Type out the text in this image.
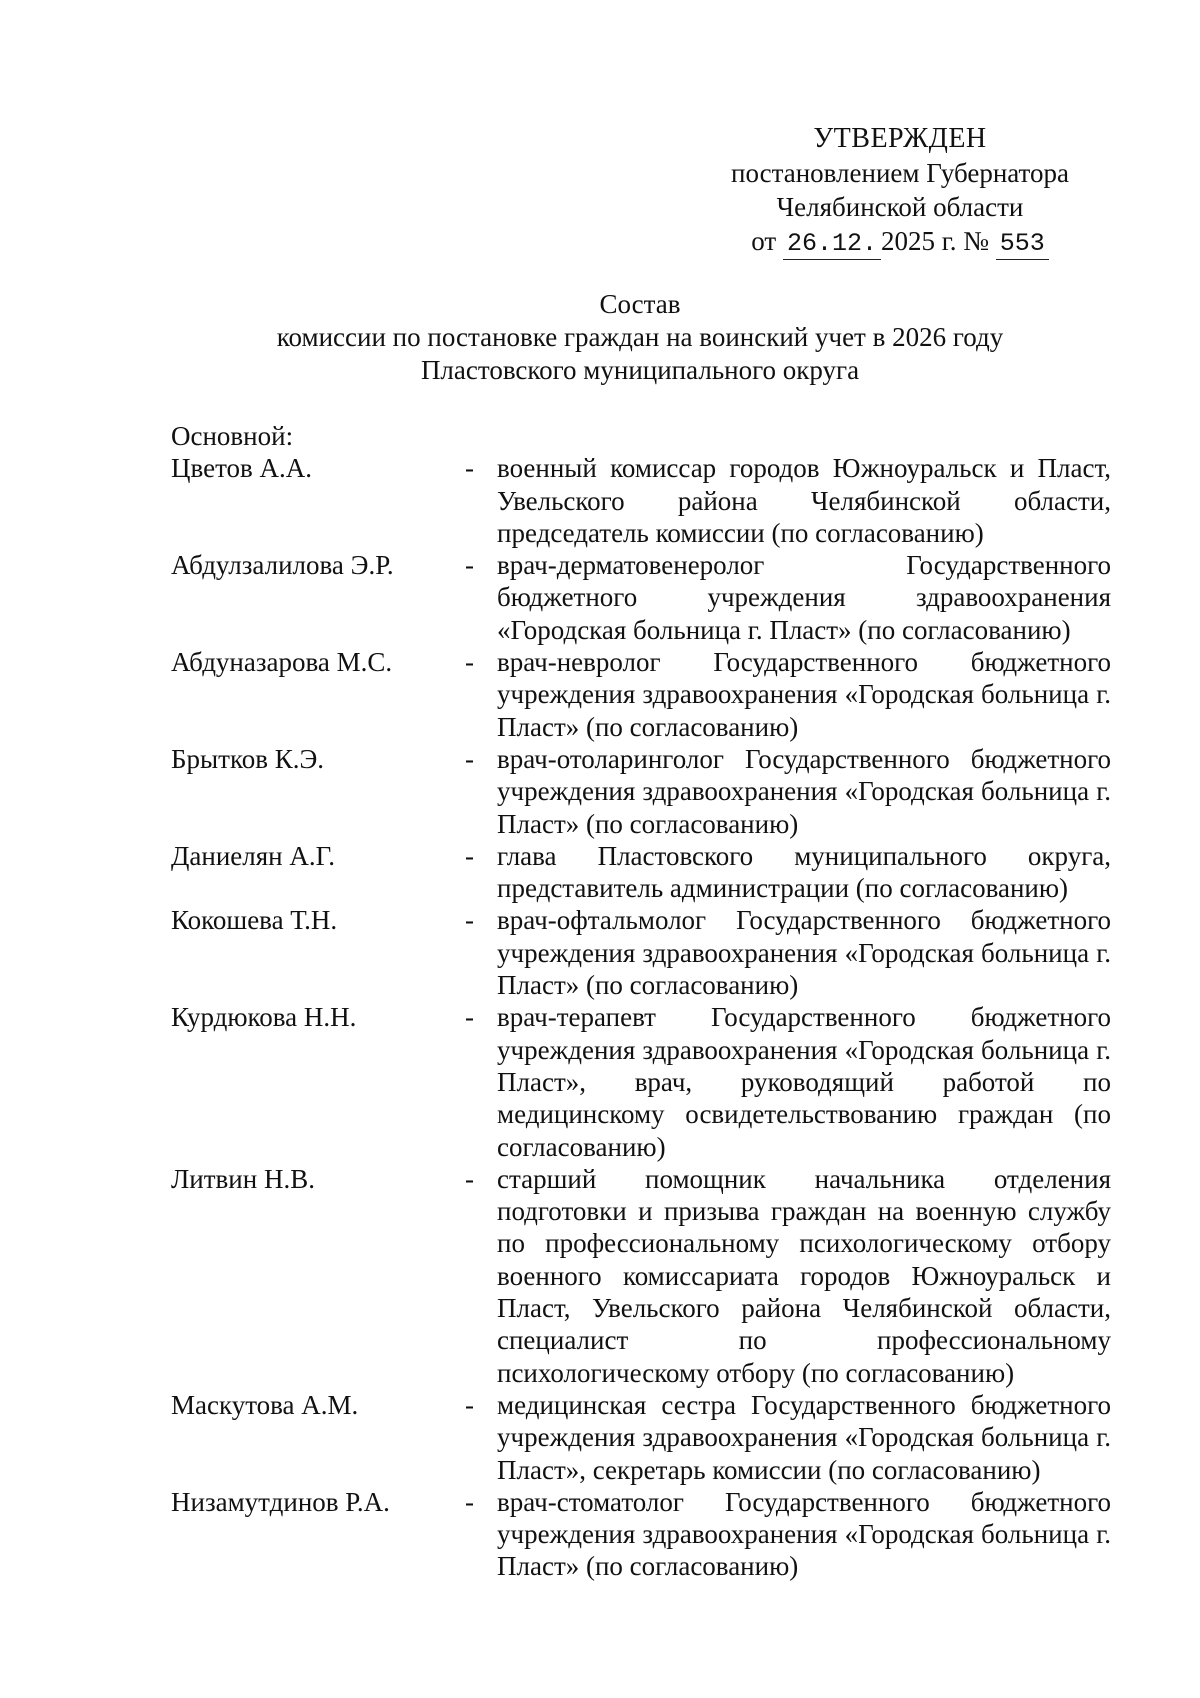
УТВЕРЖДЕН
постановлением Губернатора
Челябинской области
от 26.12. 2025 г. № 553
Состав
комиссии по постановке граждан на воинский учет в 2026 году
Пластовского муниципального округа
Основной:
Цветов А.А.	- военный комиссар городов Южноуральск и Пласт, Увельского района Челябинской области, председатель комиссии (по согласованию)
Абдулзалилова Э.Р.	- врач-дерматовенеролог Государственного бюджетного учреждения здравоохранения «Городская больница г. Пласт» (по согласованию)
Абдуназарова М.С.	- врач-невролог Государственного бюджетного учреждения здравоохранения «Городская больница г. Пласт» (по согласованию)
Брытков К.Э.	- врач-отоларинголог Государственного бюджетного учреждения здравоохранения «Городская больница г. Пласт» (по согласованию)
Даниелян А.Г.	- глава Пластовского муниципального округа, представитель администрации (по согласованию)
Кокошева Т.Н.	- врач-офтальмолог Государственного бюджетного учреждения здравоохранения «Городская больница г. Пласт» (по согласованию)
Курдюкова Н.Н.	- врач-терапевт Государственного бюджетного учреждения здравоохранения «Городская больница г. Пласт», врач, руководящий работой по медицинскому освидетельствованию граждан (по согласованию)
Литвин Н.В.	- старший помощник начальника отделения подготовки и призыва граждан на военную службу по профессиональному психологическому отбору военного комиссариата городов Южноуральск и Пласт, Увельского района Челябинской области, специалист по профессиональному психологическому отбору (по согласованию)
Маскутова А.М.	- медицинская сестра Государственного бюджетного учреждения здравоохранения «Городская больница г. Пласт», секретарь комиссии (по согласованию)
Низамутдинов Р.А.	- врач-стоматолог Государственного бюджетного учреждения здравоохранения «Городская больница г. Пласт» (по согласованию)
